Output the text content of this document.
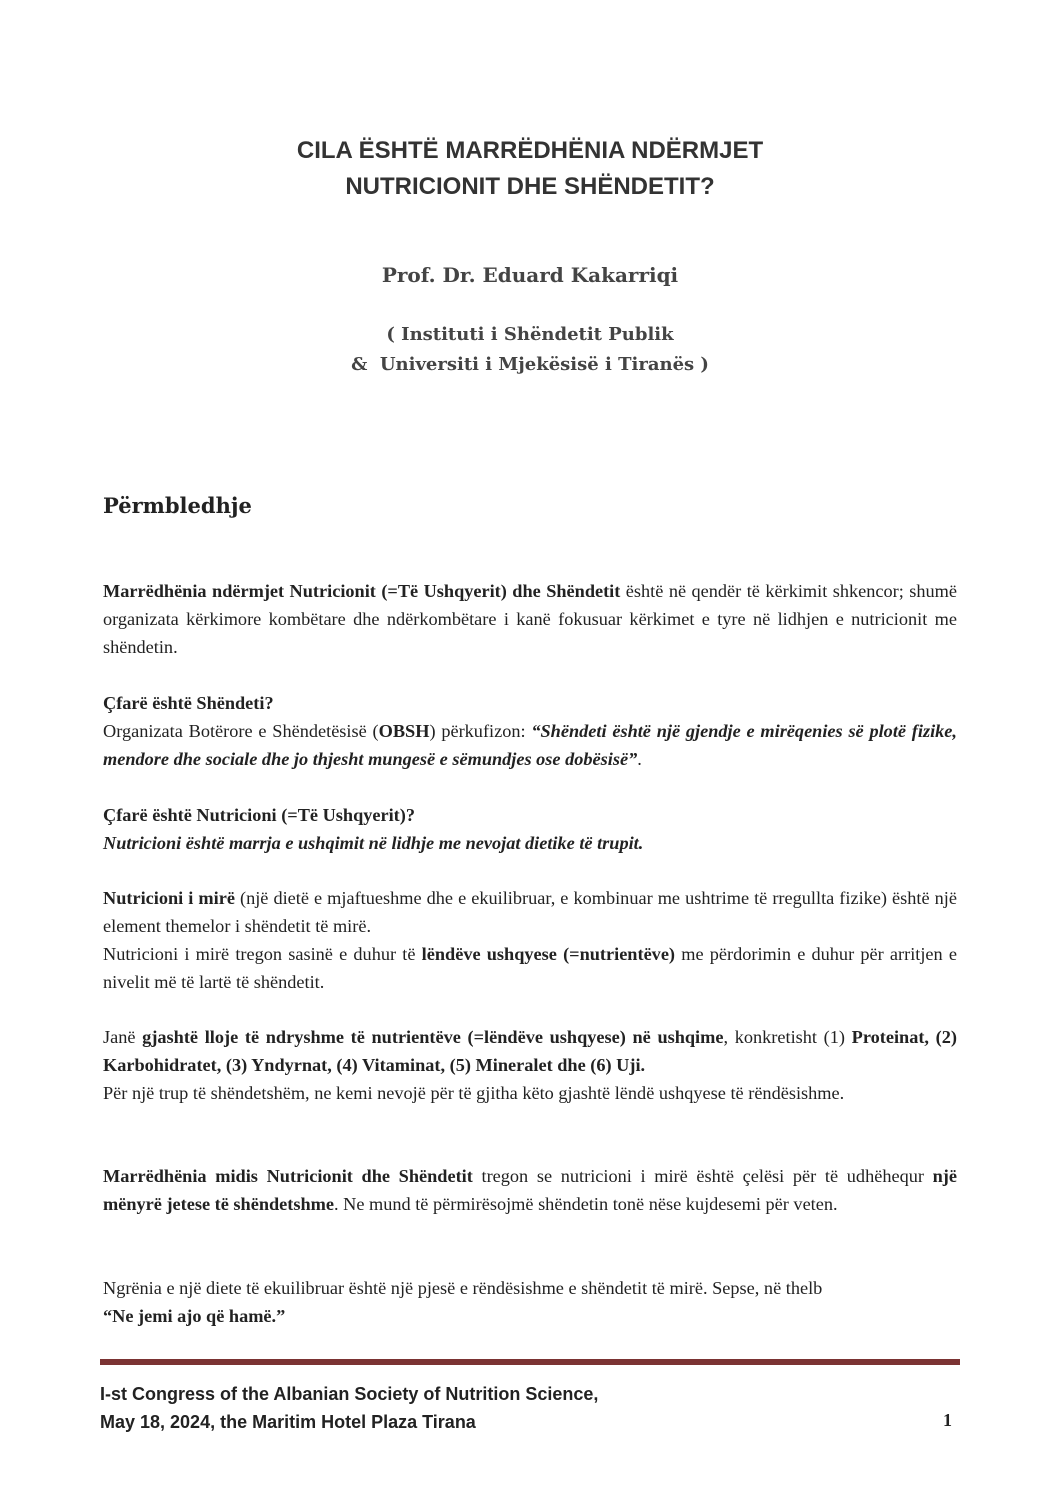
CILA ËSHTË MARRËDHËNIA NDËRMJET
NUTRICIONIT DHE SHËNDETIT?
Prof. Dr. Eduard Kakarriqi
( Instituti i Shëndetit Publik
&  Universiti i Mjekësisë i Tiranës )
Përmbledhje
Marrëdhënia ndërmjet Nutricionit (=Të Ushqyerit) dhe Shëndetit është në qendër të kërkimit shkencor; shumë organizata kërkimore kombëtare dhe ndërkombëtare i kanë fokusuar kërkimet e tyre në lidhjen e nutricionit me shëndetin.
Çfarë është Shëndeti?
Organizata Botërore e Shëndetësisë (OBSH) përkufizon: “Shëndeti është një gjendje e mirëqenies së plotë fizike, mendore dhe sociale dhe jo thjesht mungesë e sëmundjes ose dobësisë”.
Çfarë është Nutricioni (=Të Ushqyerit)?
Nutricioni është marrja e ushqimit në lidhje me nevojat dietike të trupit.
Nutricioni i mirë (një dietë e mjaftueshme dhe e ekuilibruar, e kombinuar me ushtrime të rregullta fizike) është një element themelor i shëndetit të mirë.
Nutricioni i mirë tregon sasinë e duhur të lëndëve ushqyese (=nutrientëve) me përdorimin e duhur për arritjen e nivelit më të lartë të shëndetit.
Janë gjashtë lloje të ndryshme të nutrientëve (=lëndëve ushqyese) në ushqime, konkretisht (1) Proteinat, (2) Karbohidratet, (3) Yndyrnat, (4) Vitaminat, (5) Mineralet dhe (6) Uji.
Për një trup të shëndetshëm, ne kemi nevojë për të gjitha këto gjashtë lëndë ushqyese të rëndësishme.
Marrëdhënia midis Nutricionit dhe Shëndetit tregon se nutricioni i mirë është çelësi për të udhëhequr një mënyrë jetese të shëndetshme. Ne mund të përmirësojmë shëndetin tonë nëse kujdesemi për veten.
Ngrënia e një diete të ekuilibruar është një pjesë e rëndësishme e shëndetit të mirë. Sepse, në thelb
“Ne jemi ajo që hamë.”
I-st Congress of the Albanian Society of Nutrition Science,
May 18, 2024, the Maritim Hotel Plaza Tirana	1
